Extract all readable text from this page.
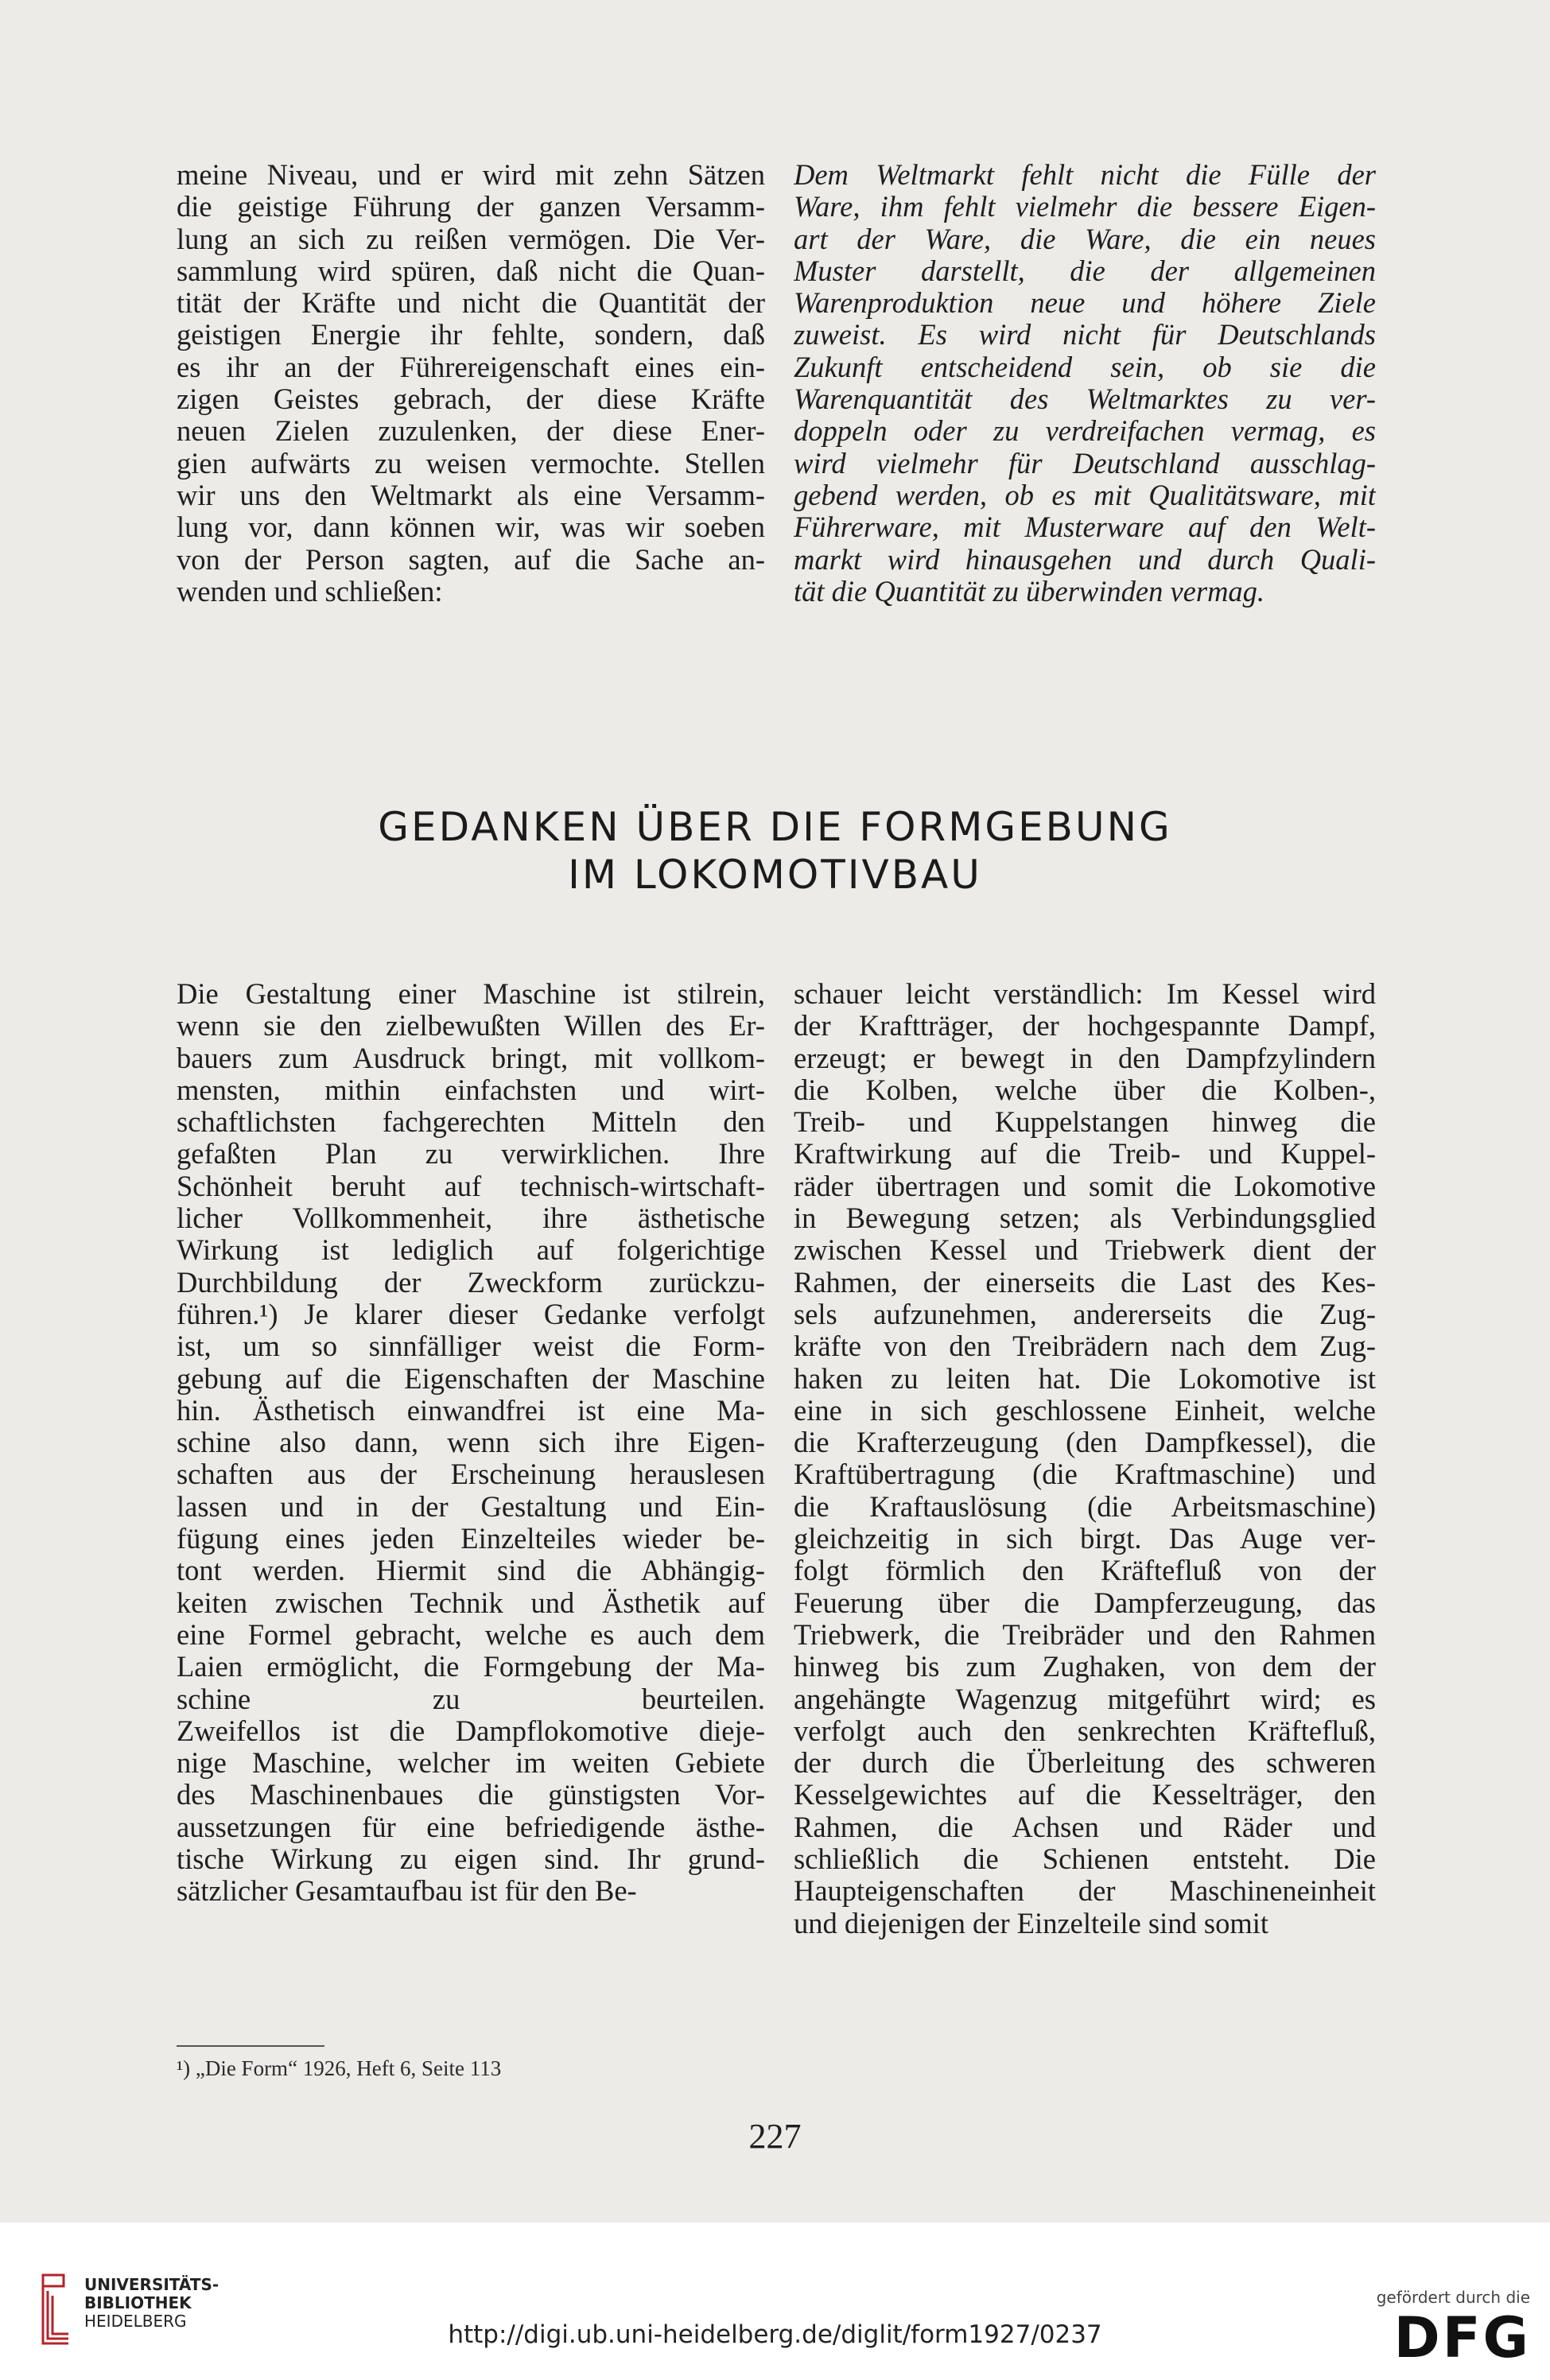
meine Niveau, und er wird mit zehn Sätzen
die geistige Führung der ganzen Versamm-
lung an sich zu reißen vermögen. Die Ver-
sammlung wird spüren, daß nicht die Quan-
tität der Kräfte und nicht die Quantität der
geistigen Energie ihr fehlte, sondern, daß
es ihr an der Führereigenschaft eines ein-
zigen Geistes gebrach, der diese Kräfte
neuen Zielen zuzulenken, der diese Ener-
gien aufwärts zu weisen vermochte. Stellen
wir uns den Weltmarkt als eine Versamm-
lung vor, dann können wir, was wir soeben
von der Person sagten, auf die Sache an-
wenden und schließen:
Dem Weltmarkt fehlt nicht die Fülle der
Ware, ihm fehlt vielmehr die bessere Eigen-
art der Ware, die Ware, die ein neues
Muster darstellt, die der allgemeinen
Warenproduktion neue und höhere Ziele
zuweist. Es wird nicht für Deutschlands
Zukunft entscheidend sein, ob sie die
Warenquantität des Weltmarktes zu ver-
doppeln oder zu verdreifachen vermag, es
wird vielmehr für Deutschland ausschlag-
gebend werden, ob es mit Qualitätsware, mit
Führerware, mit Musterware auf den Welt-
markt wird hinausgehen und durch Quali-
tät die Quantität zu überwinden vermag.
GEDANKEN ÜBER DIE FORMGEBUNG
IM LOKOMOTIVBAU
Die Gestaltung einer Maschine ist stilrein,
wenn sie den zielbewußten Willen des Er-
bauers zum Ausdruck bringt, mit vollkom-
mensten, mithin einfachsten und wirt-
schaftlichsten fachgerechten Mitteln den
gefaßten Plan zu verwirklichen. Ihre
Schönheit beruht auf technisch-wirtschaft-
licher Vollkommenheit, ihre ästhetische
Wirkung ist lediglich auf folgerichtige
Durchbildung der Zweckform zurückzu-
führen.¹) Je klarer dieser Gedanke verfolgt
ist, um so sinnfälliger weist die Form-
gebung auf die Eigenschaften der Maschine
hin. Ästhetisch einwandfrei ist eine Ma-
schine also dann, wenn sich ihre Eigen-
schaften aus der Erscheinung herauslesen
lassen und in der Gestaltung und Ein-
fügung eines jeden Einzelteiles wieder be-
tont werden. Hiermit sind die Abhängig-
keiten zwischen Technik und Ästhetik auf
eine Formel gebracht, welche es auch dem
Laien ermöglicht, die Formgebung der Ma-
schine zu beurteilen.
Zweifellos ist die Dampflokomotive dieje-
nige Maschine, welcher im weiten Gebiete
des Maschinenbaues die günstigsten Vor-
aussetzungen für eine befriedigende ästhe-
tische Wirkung zu eigen sind. Ihr grund-
sätzlicher Gesamtaufbau ist für den Be-
schauer leicht verständlich: Im Kessel wird
der Kraftträger, der hochgespannte Dampf,
erzeugt; er bewegt in den Dampfzylindern
die Kolben, welche über die Kolben-,
Treib- und Kuppelstangen hinweg die
Kraftwirkung auf die Treib- und Kuppel-
räder übertragen und somit die Lokomotive
in Bewegung setzen; als Verbindungsglied
zwischen Kessel und Triebwerk dient der
Rahmen, der einerseits die Last des Kes-
sels aufzunehmen, andererseits die Zug-
kräfte von den Treibrädern nach dem Zug-
haken zu leiten hat. Die Lokomotive ist
eine in sich geschlossene Einheit, welche
die Krafterzeugung (den Dampfkessel), die
Kraftübertragung (die Kraftmaschine) und
die Kraftauslösung (die Arbeitsmaschine)
gleichzeitig in sich birgt. Das Auge ver-
folgt förmlich den Kräftefluß von der
Feuerung über die Dampferzeugung, das
Triebwerk, die Treibräder und den Rahmen
hinweg bis zum Zughaken, von dem der
angehängte Wagenzug mitgeführt wird; es
verfolgt auch den senkrechten Kräftefluß,
der durch die Überleitung des schweren
Kesselgewichtes auf die Kesselträger, den
Rahmen, die Achsen und Räder und
schließlich die Schienen entsteht. Die
Haupteigenschaften der Maschineneinheit
und diejenigen der Einzelteile sind somit
¹) „Die Form“ 1926, Heft 6, Seite 113
227
UNIVERSITÄTS-
BIBLIOTHEK
HEIDELBERG	http://digi.ub.uni-heidelberg.de/diglit/form1927/0237
gefördert durch die
DFG
